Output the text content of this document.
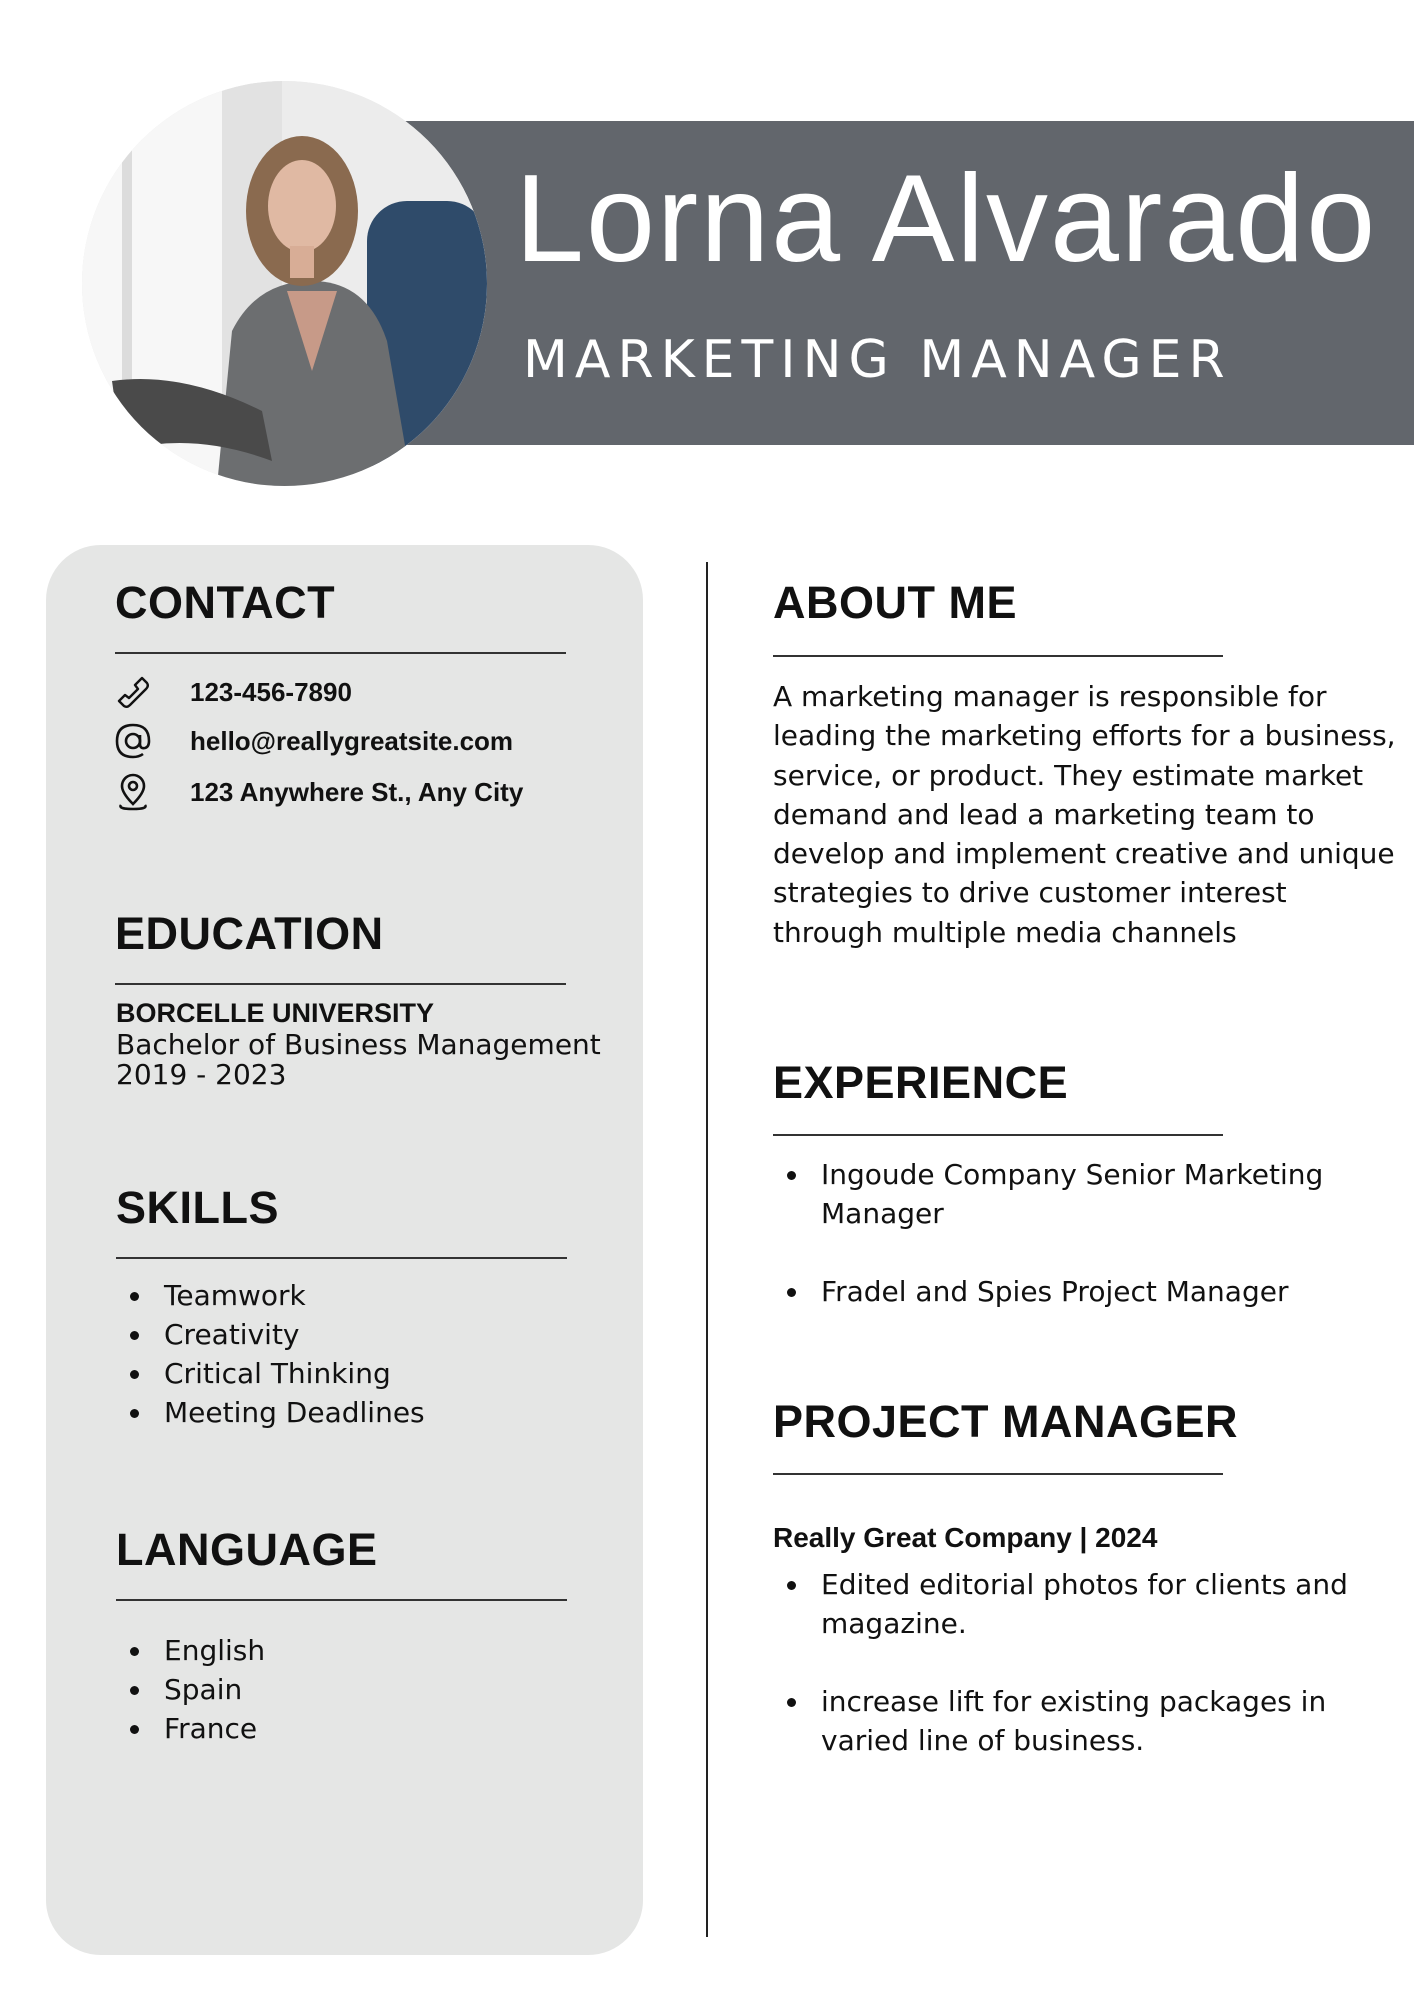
Lorna Alvarado
MARKETING MANAGER
CONTACT
123-456-7890
hello@reallygreatsite.com
123 Anywhere St., Any City
EDUCATION
BORCELLE UNIVERSITY
Bachelor of Business Management
2019 - 2023
SKILLS
Teamwork
Creativity
Critical Thinking
Meeting Deadlines
LANGUAGE
English
Spain
France
ABOUT ME

A marketing manager is responsible for leading the marketing efforts for a business, service, or product. They estimate market demand and lead a marketing team to develop and implement creative and unique strategies to drive customer interest through multiple media channels

EXPERIENCE
Ingoude Company Senior Marketing Manager
Fradel and Spies Project Manager
PROJECT MANAGER
Really Great Company | 2024
Edited editorial photos for clients and magazine.
increase lift for existing packages in varied line of business.
